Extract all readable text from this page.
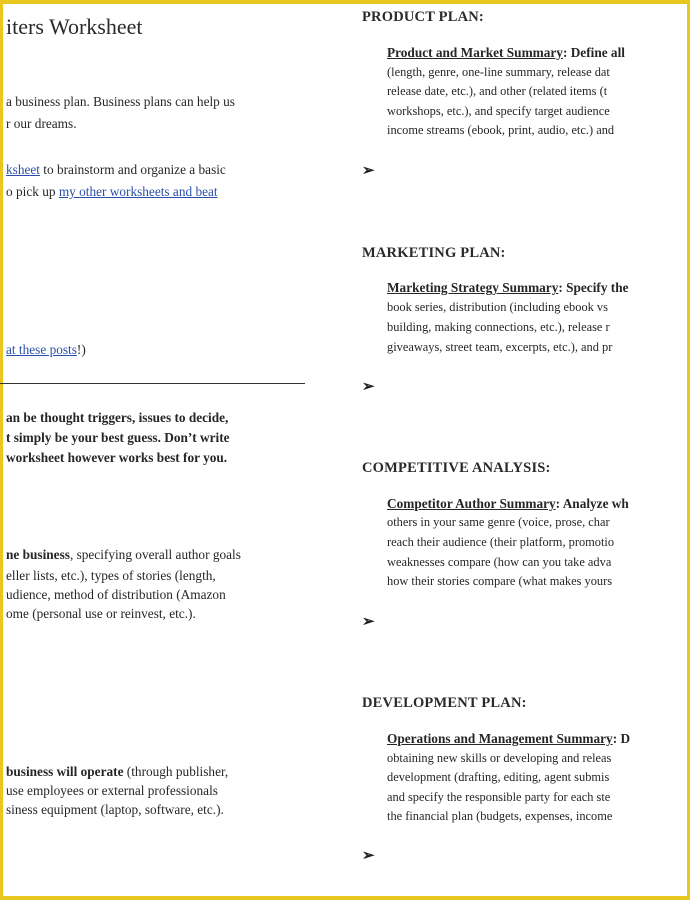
iters Worksheet
a business plan. Business plans can help us
r our dreams.
ksheet to brainstorm and organize a basic
o pick up my other worksheets and beat
at these posts!)
an be thought triggers, issues to decide,
t simply be your best guess. Don’t write
worksheet however works best for you.
ne business, specifying overall author goals
eller lists, etc.), types of stories (length,
udience, method of distribution (Amazon
ome (personal use or reinvest, etc.).
business will operate (through publisher,
use employees or external professionals
siness equipment (laptop, software, etc.).
PRODUCT PLAN:
Product and Market Summary: Define all
(length, genre, one-line summary, release dat
release date, etc.), and other (related items (t
workshops, etc.), and specify target audience
income streams (ebook, print, audio, etc.) and
➢
MARKETING PLAN:
Marketing Strategy Summary: Specify the
book series, distribution (including ebook vs
building, making connections, etc.), release r
giveaways, street team, excerpts, etc.), and pr
➢
COMPETITIVE ANALYSIS:
Competitor Author Summary: Analyze wh
others in your same genre (voice, prose, char
reach their audience (their platform, promotio
weaknesses compare (how can you take adva
how their stories compare (what makes yours
➢
DEVELOPMENT PLAN:
Operations and Management Summary: D
obtaining new skills or developing and releas
development (drafting, editing, agent submis
and specify the responsible party for each ste
the financial plan (budgets, expenses, income
➢
